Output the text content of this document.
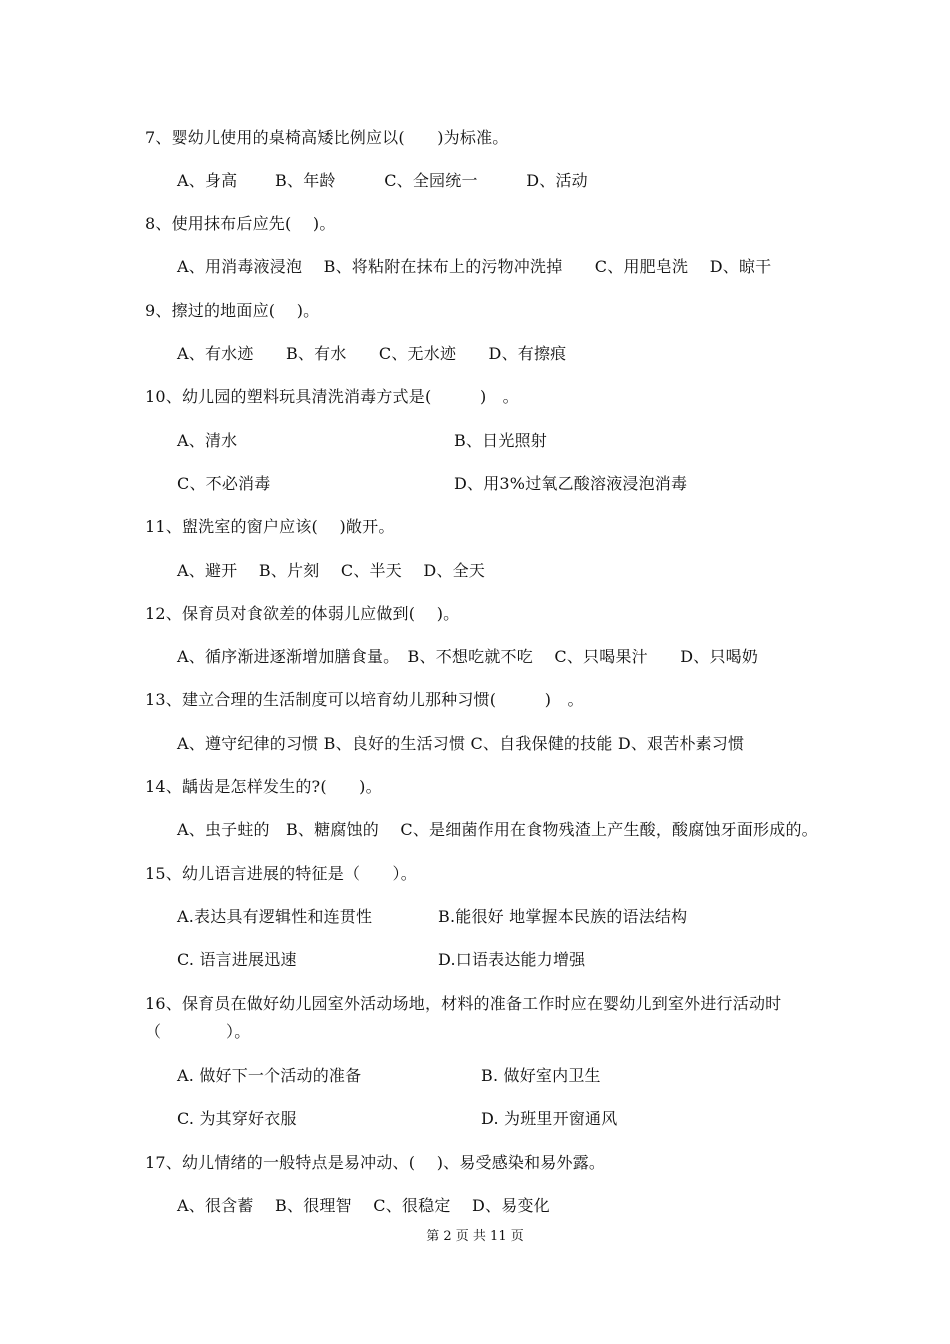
7、婴幼儿使用的桌椅高矮比例应以(　　)为标准。
A、身高　　 B、年龄　　　C、全园统一　　　D、活动
8、使用抹布后应先(　 )。
A、用消毒液浸泡　 B、将粘附在抹布上的污物冲洗掉　　C、用肥皂洗　 D、晾干
9、擦过的地面应(　 )。
A、有水迹　　B、有水　　C、无水迹　　D、有擦痕
10、幼儿园的塑料玩具清洗消毒方式是(　　　)　。
A、清水	B、日光照射
C、不必消毒	D、用3%过氧乙酸溶液浸泡消毒
11、盥洗室的窗户应该(　 )敞开。
A、避开　 B、片刻　 C、半天　 D、全天
12、保育员对食欲差的体弱儿应做到(　 )。
A、循序渐进逐渐增加膳食量。　B、不想吃就不吃　 C、只喝果汁　　D、只喝奶
13、建立合理的生活制度可以培育幼儿那种习惯(　　　)　。
A、遵守纪律的习惯 B、良好的生活习惯 C、自我保健的技能 D、艰苦朴素习惯
14、龋齿是怎样发生的?(　　)。
A、虫子蛀的　B、糖腐蚀的　 C、是细菌作用在食物残渣上产生酸，酸腐蚀牙面形成的。
15、幼儿语言进展的特征是（　　）。
A.表达具有逻辑性和连贯性	B.能很好 地掌握本民族的语法结构
C. 语言进展迅速	D.口语表达能力增强
16、保育员在做好幼儿园室外活动场地，材料的准备工作时应在婴幼儿到室外进行活动时
（　　　　）。
A. 做好下一个活动的准备	B. 做好室内卫生
C. 为其穿好衣服	D. 为班里开窗通风
17、幼儿情绪的一般特点是易冲动、(　 )、易受感染和易外露。
A、很含蓄　 B、很理智　 C、很稳定　 D、易变化
第 2 页 共 11 页
